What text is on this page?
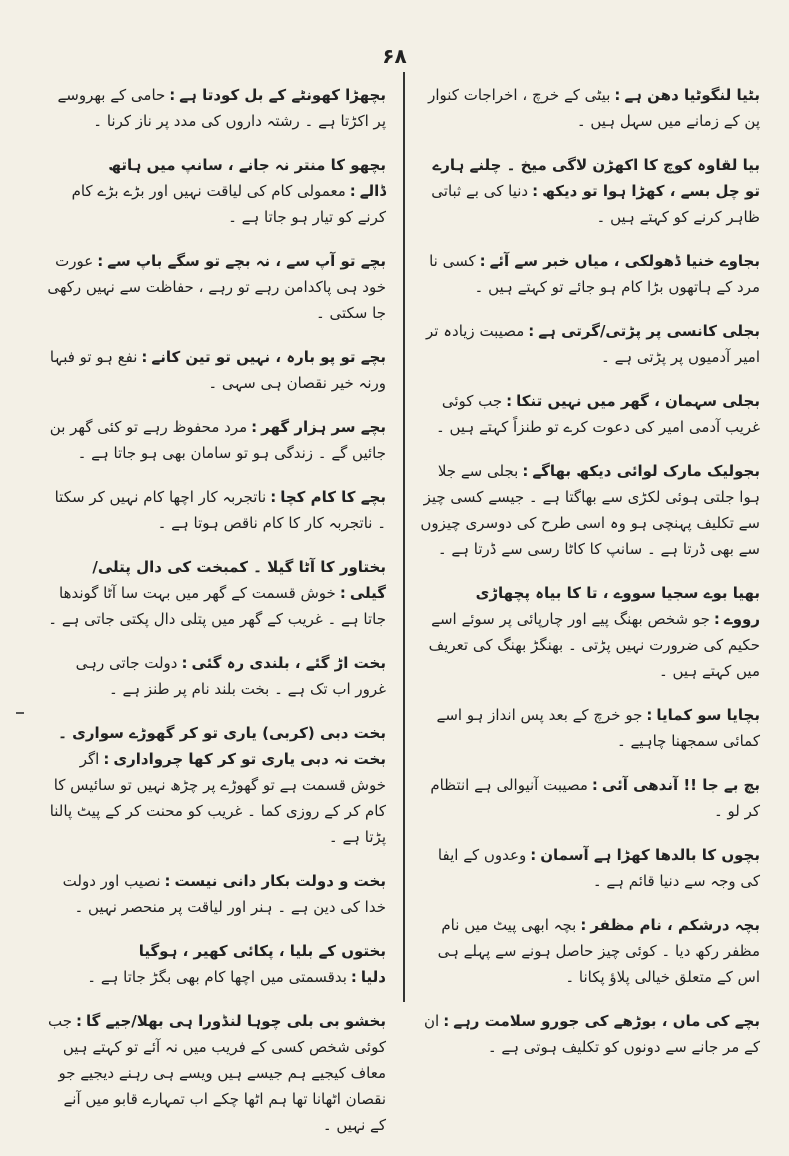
۶۸
بٹیا لنگوٹیا دھن ہے:بیٹی کے خرچ ، اخراجات کنوار پن کے زمانے میں سہل ہیں ۔
بیا لقاوہ کوچ کا اکھڑن لاگی میخ ۔ چلنے ہارے تو چل بسے ، کھڑا ہوا تو دیکھ:دنیا کی بے ثباتی ظاہر کرنے کو کہتے ہیں ۔
بجاوے خنیا ڈھولکی ، میاں خبر سے آئے:کسی نا مرد کے ہاتھوں بڑا کام ہو جائے تو کہتے ہیں ۔
بجلی کانسی پر پڑتی/گرتی ہے:مصیبت زیادہ تر امیر آدمیوں پر پڑتی ہے ۔
بجلی سہمان ، گھر میں نہیں تنکا:جب کوئی غریب آدمی امیر کی دعوت کرے تو طنزاً کہتے ہیں ۔
بجولیک مارک لوائی دیکھ بھاگے:بجلی سے جلا ہوا جلتی ہوئی لکڑی سے بھاگتا ہے ۔ جیسے کسی چیز سے تکلیف پہنچی ہو وہ اسی طرح کی دوسری چیزوں سے بھی ڈرتا ہے ۔ سانپ کا کاٹا رسی سے ڈرتا ہے ۔
بھیا بوے سجیا سووے ، تا کا بیاہ پچھاڑی رووے:جو شخص بھنگ پیے اور چارپائی پر سوئے اسے حکیم کی ضرورت نہیں پڑتی ۔ بھنگڑ بھنگ کی تعریف میں کہتے ہیں ۔
بچایا سو کمایا:جو خرچ کے بعد پس انداز ہو اسے کمائی سمجھنا چاہیے ۔
بچ بے جا !! آندھی آئی:مصیبت آنیوالی ہے انتظام کر لو ۔
بچوں کا بالدھا کھڑا ہے آسمان:وعدوں کے ایفا کی وجہ سے دنیا قائم ہے ۔
بچہ درشکم ، نام مظفر:بچہ ابھی پیٹ میں نام مظفر رکھ دیا ۔ کوئی چیز حاصل ہونے سے پہلے ہی اس کے متعلق خیالی پلاؤ پکانا ۔
بچے کی ماں ، بوڑھے کی جورو سلامت رہے:ان کے مر جانے سے دونوں کو تکلیف ہوتی ہے ۔
بچھڑا کھونٹے کے بل کودتا ہے:حامی کے بھروسے پر اکڑتا ہے ۔ رشتہ داروں کی مدد پر ناز کرنا ۔
بچھو کا منتر نہ جانے ، سانپ میں ہاتھ ڈالے:معمولی کام کی لیاقت نہیں اور بڑے بڑے کام کرنے کو تیار ہو جاتا ہے ۔
بچے تو آپ سے ، نہ بچے تو سگے باپ سے:عورت خود ہی پاکدامن رہے تو رہے ، حفاظت سے نہیں رکھی جا سکتی ۔
بچے تو پو بارہ ، نہیں تو تین کانے:نفع ہو تو فبہا ورنہ خیر نقصان ہی سہی ۔
بچے سر ہزار گھر:مرد محفوظ رہے تو کئی گھر بن جائیں گے ۔ زندگی ہو تو سامان بھی ہو جاتا ہے ۔
بچے کا کام کچا:ناتجربہ کار اچھا کام نہیں کر سکتا ۔ ناتجربہ کار کا کام ناقص ہوتا ہے ۔
بختاور کا آٹا گیلا ۔ کمبخت کی دال پتلی/گیلی:خوش قسمت کے گھر میں بہت سا آٹا گوندھا جاتا ہے ۔ غریب کے گھر میں پتلی دال پکتی جاتی ہے ۔
بخت اڑ گئے ، بلندی رہ گئی:دولت جاتی رہی غرور اب تک ہے ۔ بخت بلند نام پر طنز ہے ۔
بخت دبی (کربی) یاری تو کر گھوڑے سواری ۔ بخت نہ دبی یاری تو کر کھا چرواداری:اگر خوش قسمت ہے تو گھوڑے پر چڑھ نہیں تو سائیس کا کام کر کے روزی کما ۔ غریب کو محنت کر کے پیٹ پالنا پڑتا ہے ۔
بخت و دولت بکار دانی نیست:نصیب اور دولت خدا کی دین ہے ۔ ہنر اور لیاقت پر منحصر نہیں ۔
بختوں کے بلیا ، پکائی کھیر ، ہوگیا دلیا:بدقسمتی میں اچھا کام بھی بگڑ جاتا ہے ۔
بخشو بی بلی چوہا لنڈورا ہی بھلا/جیے گا:جب کوئی شخص کسی کے فریب میں نہ آئے تو کہتے ہیں معاف کیجیے ہم جیسے ہیں ویسے ہی رہنے دیجیے جو نقصان اٹھانا تھا ہم اٹھا چکے اب تمہارے قابو میں آنے کے نہیں ۔
